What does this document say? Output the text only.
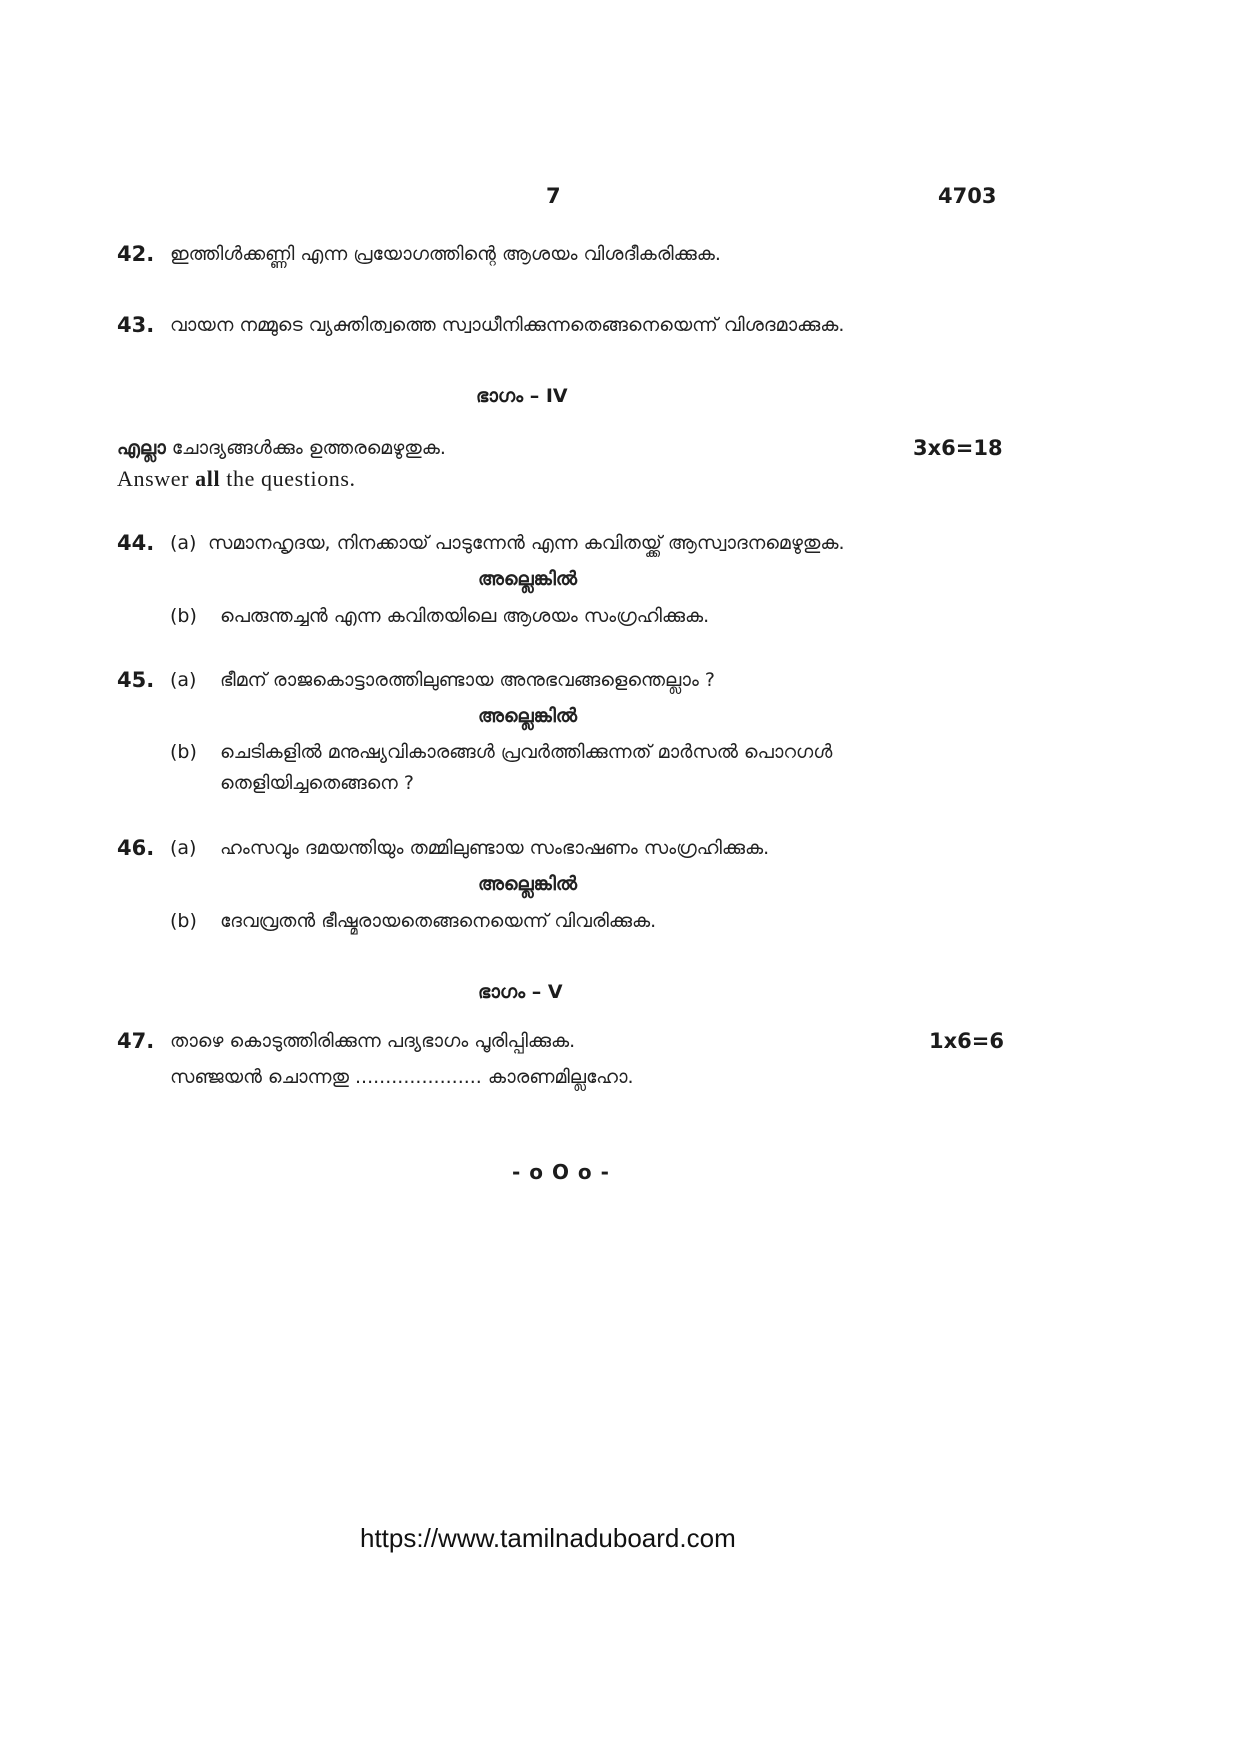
7	4703
42. ഇത്തിൾക്കണ്ണി എന്ന പ്രയോഗത്തിന്റെ ആശയം വിശദീകരിക്കുക.
43. വായന നമ്മുടെ വ്യക്തിത്വത്തെ സ്വാധീനിക്കുന്നതെങ്ങനെയെന്ന് വിശദമാക്കുക.
ഭാഗം – IV
എല്ലാ ചോദ്യങ്ങൾക്കും ഉത്തരമെഴുതുക.	3x6=18
Answer all the questions.
44. (a) സമാനഹൃദയ, നിനക്കായ് പാടുന്നേൻ എന്ന കവിതയ്ക്ക് ആസ്വാദനമെഴുതുക.
അല്ലെങ്കിൽ
(b) പെരുന്തച്ചൻ എന്ന കവിതയിലെ ആശയം സംഗ്രഹിക്കുക.
45. (a) ഭീമന് രാജകൊട്ടാരത്തിലുണ്ടായ അനുഭവങ്ങളെന്തെല്ലാം ?
അല്ലെങ്കിൽ
(b) ചെടികളിൽ മനുഷ്യവികാരങ്ങൾ പ്രവർത്തിക്കുന്നത് മാർസൽ പൊറഗൾ
തെളിയിച്ചതെങ്ങനെ ?
46. (a) ഹംസവും ദമയന്തിയും തമ്മിലുണ്ടായ സംഭാഷണം സംഗ്രഹിക്കുക.
അല്ലെങ്കിൽ
(b) ദേവവ്രതൻ ഭീഷ്മരായതെങ്ങനെയെന്ന് വിവരിക്കുക.
ഭാഗം – V
47. താഴെ കൊടുത്തിരിക്കുന്ന പദ്യഭാഗം പൂരിപ്പിക്കുക.	1x6=6
സഞ്ജയൻ ചൊന്നതു ..................... കാരണമില്ലഹോ.
- o O o -
https://www.tamilnaduboard.com
